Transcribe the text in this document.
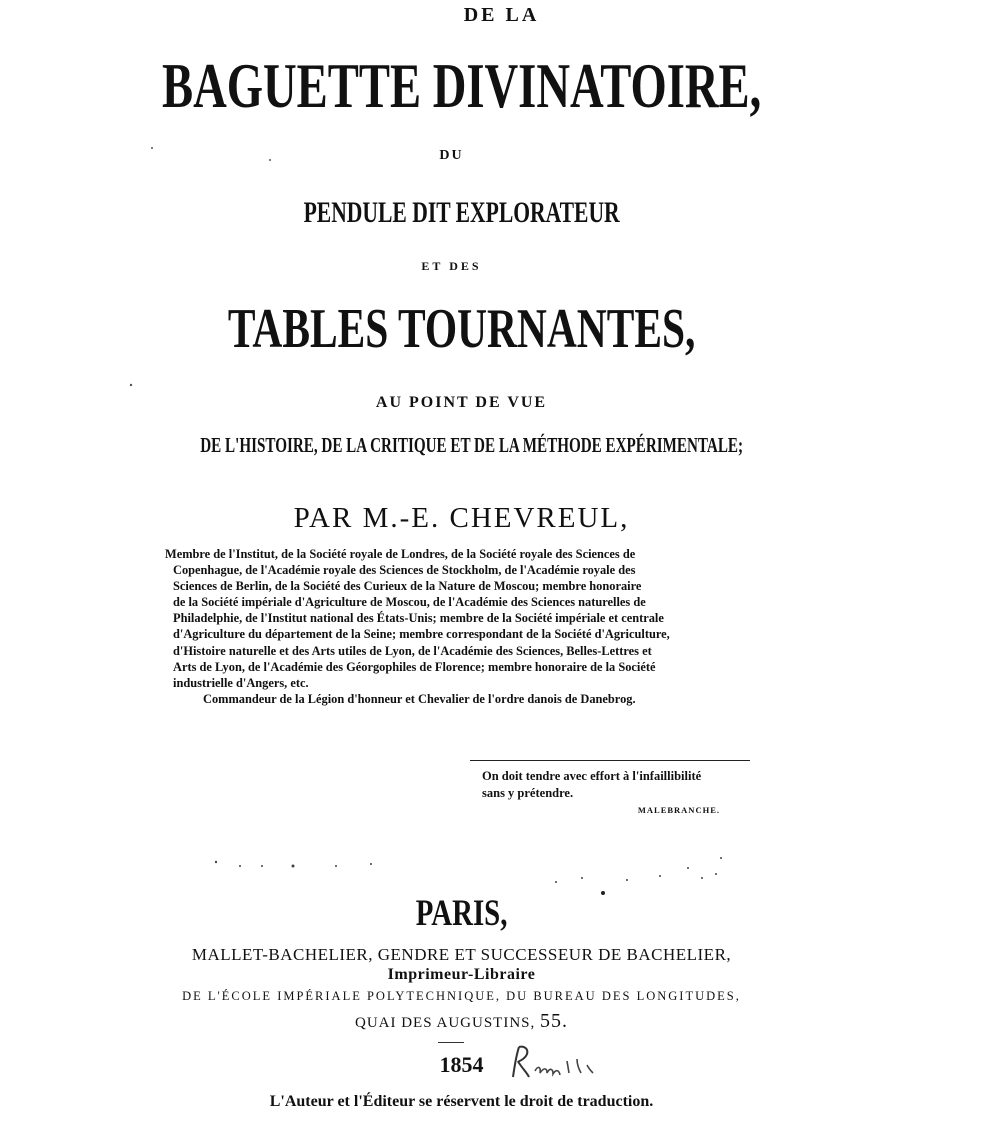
DE LA
BAGUETTE DIVINATOIRE,
DU
PENDULE DIT EXPLORATEUR
ET DES
TABLES TOURNANTES,
AU POINT DE VUE
DE L'HISTOIRE, DE LA CRITIQUE ET DE LA MÉTHODE EXPÉRIMENTALE;
PAR M.-E. CHEVREUL,

Membre de l'Institut, de la Société royale de Londres, de la Société royale des Sciences de

Copenhague, de l'Académie royale des Sciences de Stockholm, de l'Académie royale des

Sciences de Berlin, de la Société des Curieux de la Nature de Moscou; membre honoraire

de la Société impériale d'Agriculture de Moscou, de l'Académie des Sciences naturelles de

Philadelphie, de l'Institut national des États-Unis; membre de la Société impériale et centrale

d'Agriculture du département de la Seine; membre correspondant de la Société d'Agriculture,

d'Histoire naturelle et des Arts utiles de Lyon, de l'Académie des Sciences, Belles-Lettres et

Arts de Lyon, de l'Académie des Géorgophiles de Florence; membre honoraire de la Société

industrielle d'Angers, etc.

Commandeur de la Légion d'honneur et Chevalier de l'ordre danois de Danebrog.

On doit tendre avec effort à l'infaillibilité
sans y prétendre.
MALEBRANCHE.
PARIS,
MALLET-BACHELIER, GENDRE ET SUCCESSEUR DE BACHELIER,
Imprimeur-Libraire
DE L'ÉCOLE IMPÉRIALE POLYTECHNIQUE, DU BUREAU DES LONGITUDES,
QUAI DES AUGUSTINS, 55.
1854
L'Auteur et l'Éditeur se réservent le droit de traduction.
